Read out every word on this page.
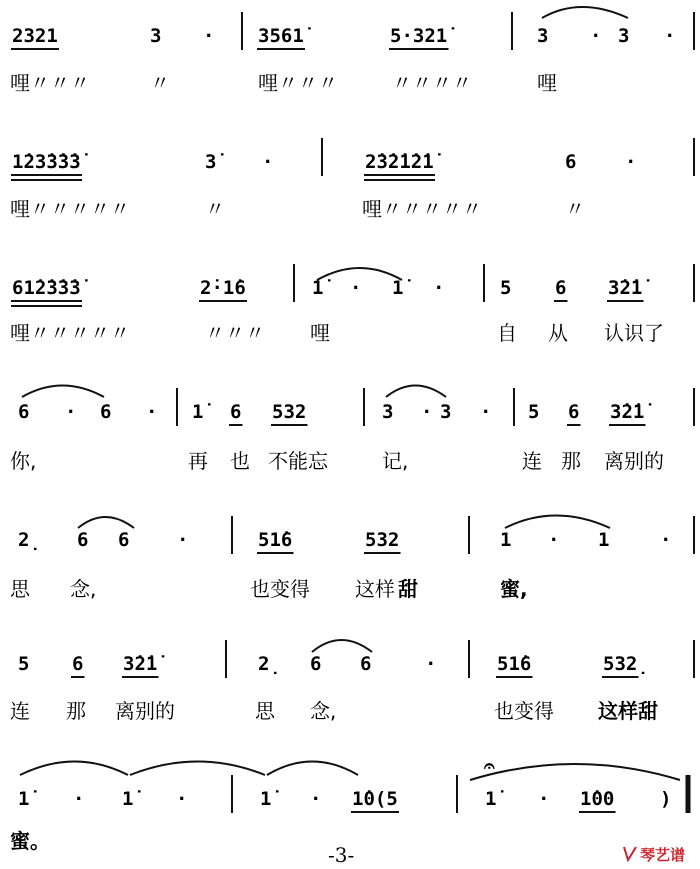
2321	3 · 3561̇	5·321̇	3 · 3 ·
哩〃〃〃	〃	哩〃〃〃	〃〃〃〃	哩
1̇23̇3̇3̇3̇	3̇	·	2̇3̇2̇1̇2̇1̇	6	·
哩〃〃〃〃〃	〃	哩〃〃〃〃〃	〃
61̇2̇3̇3̇3̇	2̇·1̇6	1̇	· 1̇	·	5 6 3̇2̇1̇
哩〃〃〃〃〃	〃〃〃 哩	自 从 认识了
6 · 6 · 1̇	6 532	3 · 3 · 5 6 3̇2̇1̇
你,	再 也 不能忘	记,	连 那 离别的
2̣ 6 6	·	51̇6	532	1 · 1	·
思 念,	也变得 这样 甜	蜜,
5 6 3̇2̇1̇	2̣ 6 6	·	51̇6	532̣
连 那 离别的	思 念,	也变得 这样甜
1̇	· 1̇	·	1̇	· 1̇0(5	1̇	· 1̇00 )
蜜。
𝄐
-3-	琴艺谱
